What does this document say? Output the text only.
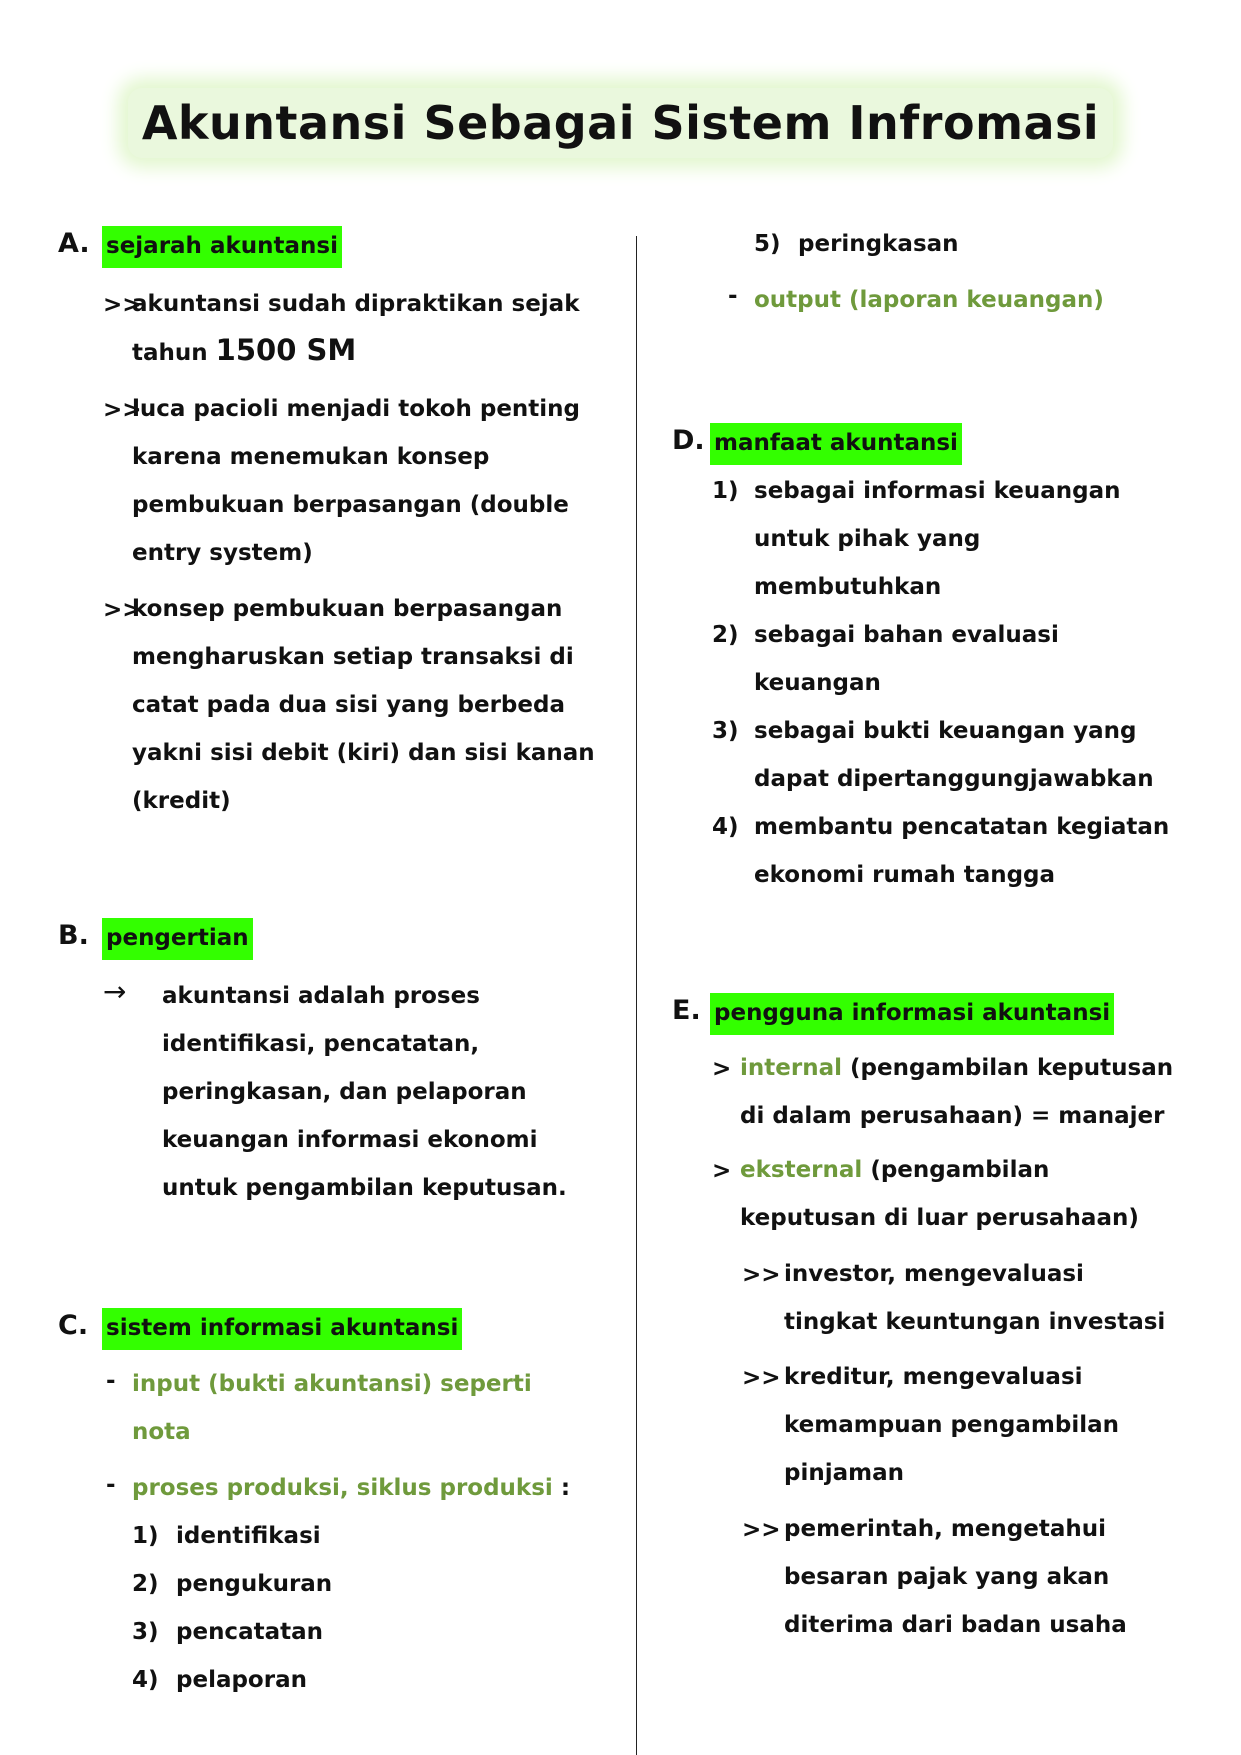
Akuntansi Sebagai Sistem Infromasi
A. sejarah akuntansi
>>
akuntansi sudah dipraktikan sejak
tahun 1500 SM
>>
luca pacioli menjadi tokoh penting
karena menemukan konsep
pembukuan berpasangan (double
entry system)
>>
konsep pembukuan berpasangan
mengharuskan setiap transaksi di
catat pada dua sisi yang berbeda
yakni sisi debit (kiri) dan sisi kanan
(kredit)
B. pengertian
→ akuntansi adalah proses
identifikasi, pencatatan,
peringkasan, dan pelaporan
keuangan informasi ekonomi
untuk pengambilan keputusan.
C. sistem informasi akuntansi
- input (bukti akuntansi) seperti
nota
- proses produksi, siklus produksi :
1) identifikasi
2) pengukuran
3) pencatatan
4) pelaporan
5) peringkasan
- output (laporan keuangan)
D. manfaat akuntansi
1) sebagai informasi keuangan
untuk pihak yang
membutuhkan
2) sebagai bahan evaluasi
keuangan
3) sebagai bukti keuangan yang
dapat dipertanggungjawabkan
4) membantu pencatatan kegiatan
ekonomi rumah tangga
E. pengguna informasi akuntansi
> internal (pengambilan keputusan
di dalam perusahaan) = manajer
> eksternal (pengambilan
keputusan di luar perusahaan)
>> investor, mengevaluasi
tingkat keuntungan investasi
>> kreditur, mengevaluasi
kemampuan pengambilan
pinjaman
>> pemerintah, mengetahui
besaran pajak yang akan
diterima dari badan usaha
